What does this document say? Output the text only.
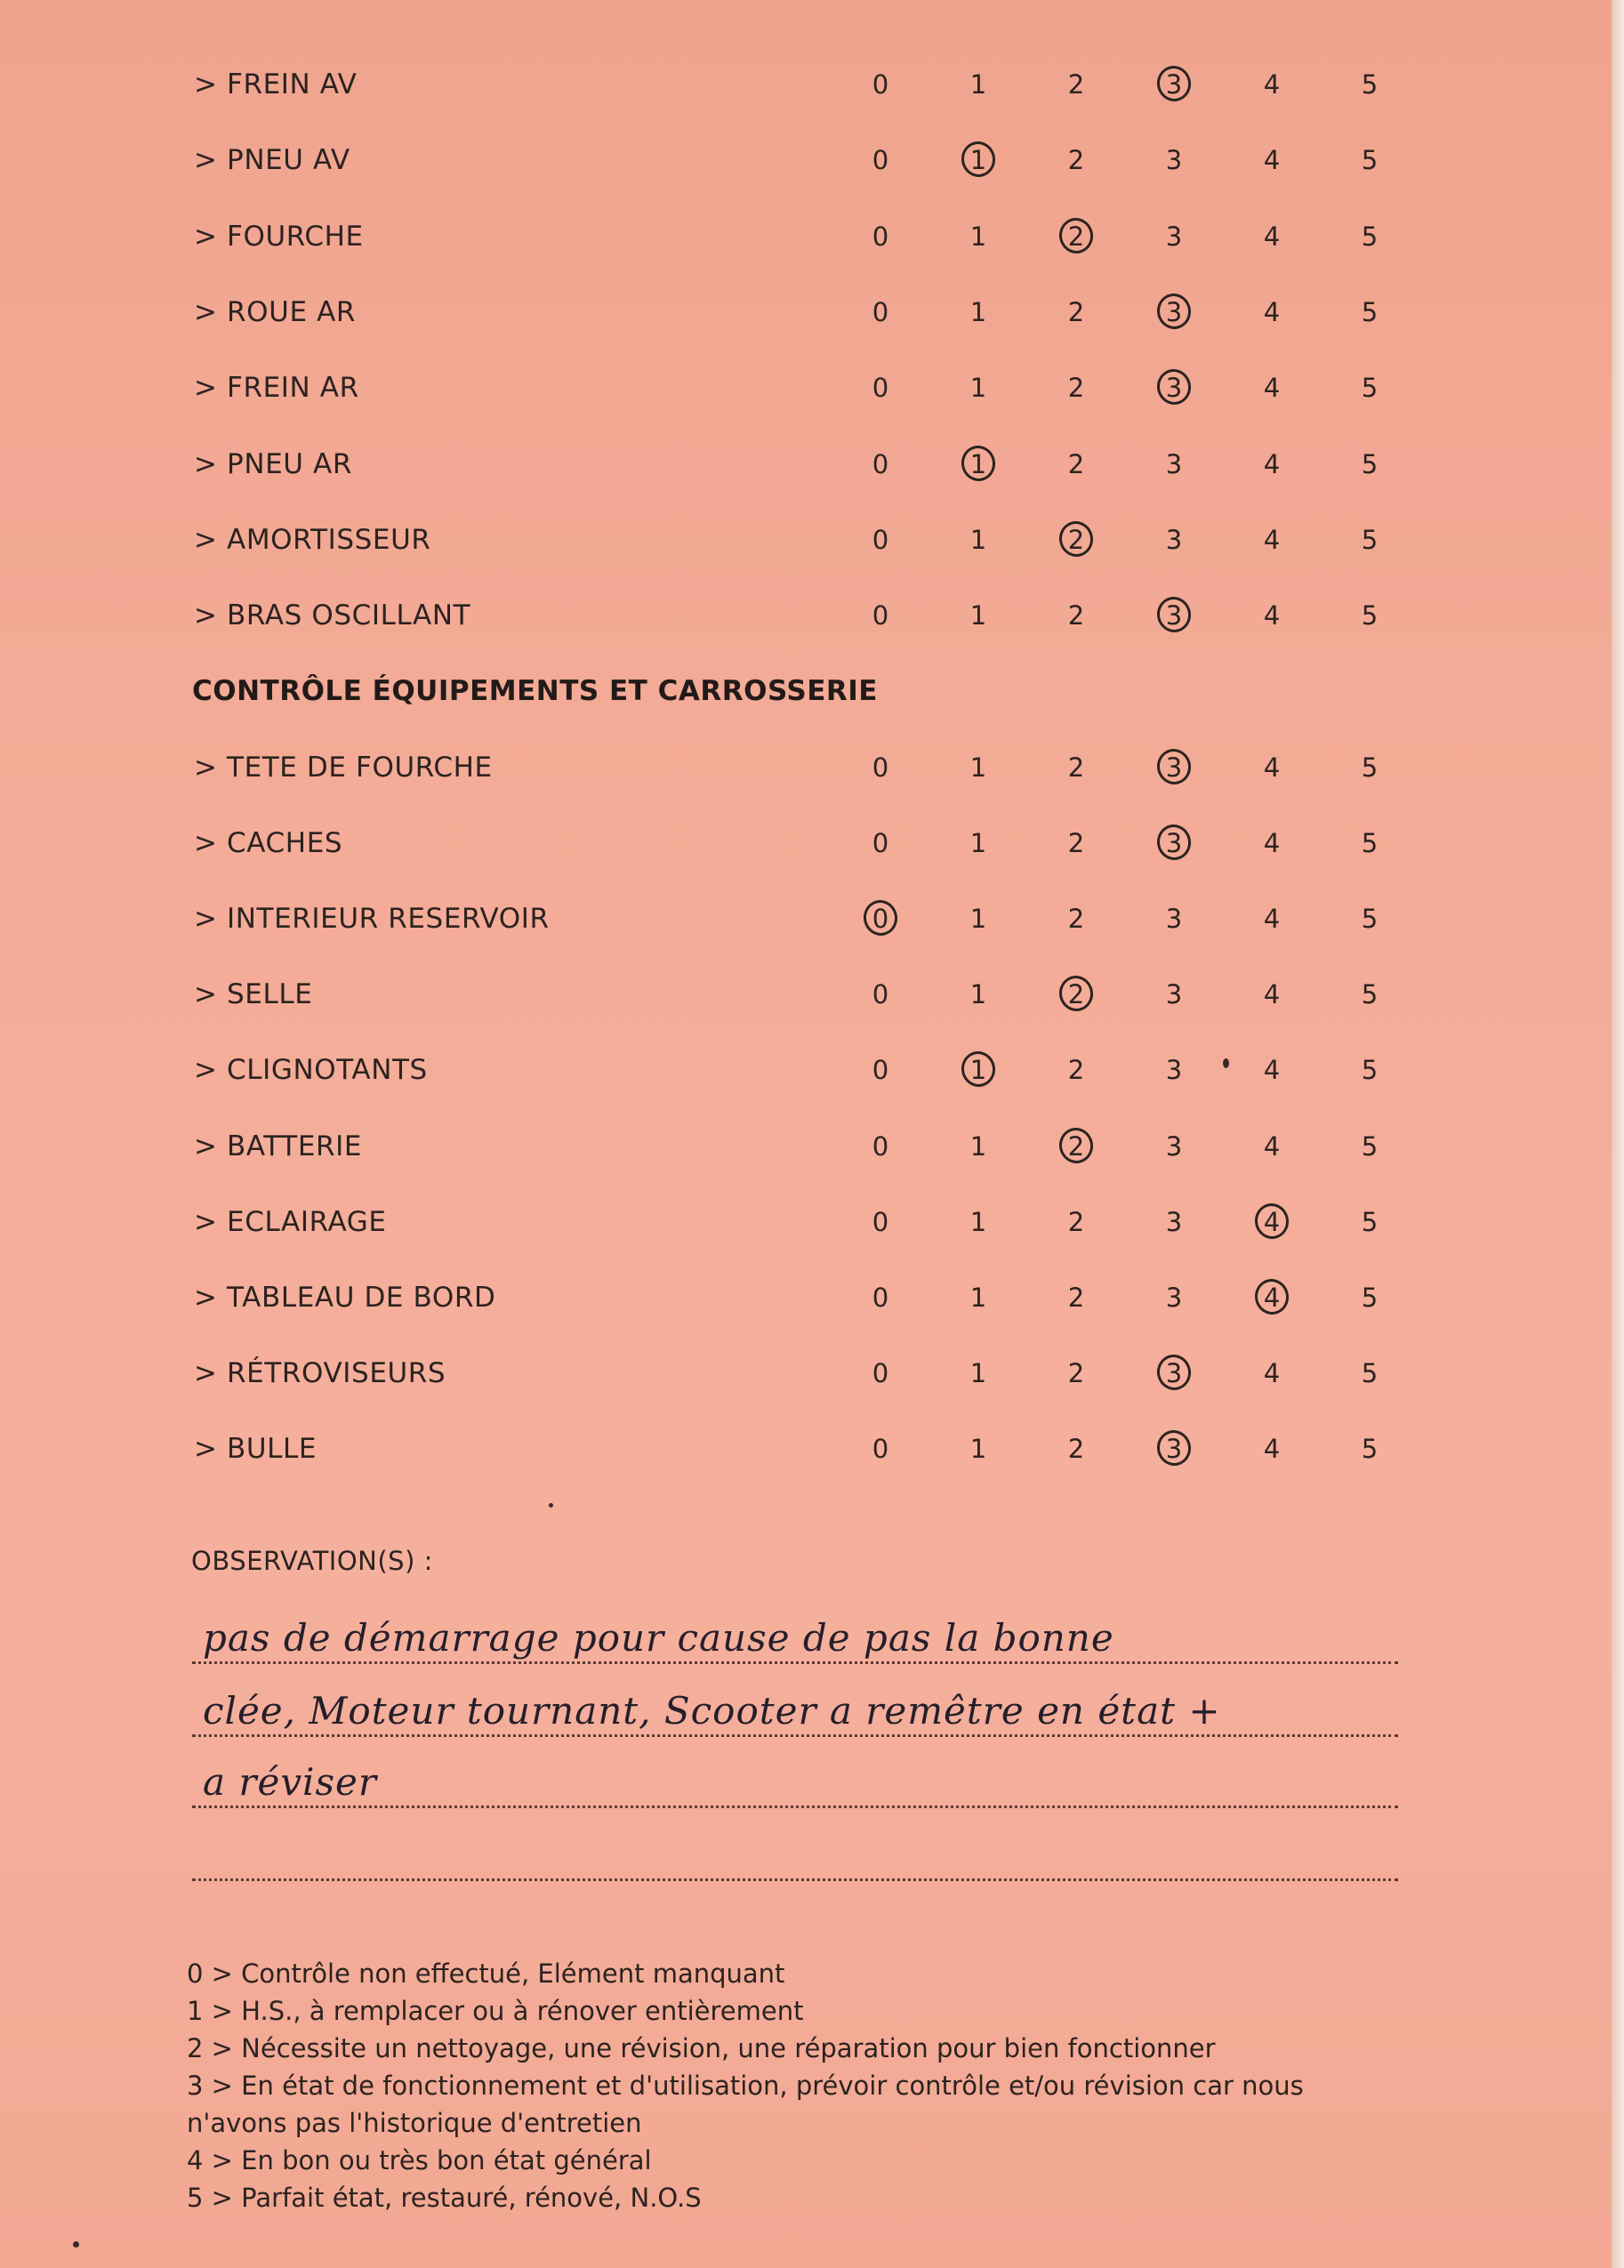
> FREIN AV	0	1	2	3	4	5
> PNEU AV	0	1	2	3	4	5
> FOURCHE	0	1	2	3	4	5
> ROUE AR	0	1	2	3	4	5
> FREIN AR	0	1	2	3	4	5
> PNEU AR	0	1	2	3	4	5
> AMORTISSEUR	0	1	2	3	4	5
> BRAS OSCILLANT	0	1	2	3	4	5
> TETE DE FOURCHE	0	1	2	3	4	5
> CACHES	0	1	2	3	4	5
> INTERIEUR RESERVOIR	0	1	2	3	4	5
> SELLE	0	1	2	3	4	5
> CLIGNOTANTS	0	1	2	3	4	5
> BATTERIE	0	1	2	3	4	5
> ECLAIRAGE	0	1	2	3	4	5
> TABLEAU DE BORD	0	1	2	3	4	5
> RÉTROVISEURS	0	1	2	3	4	5
> BULLE	0	1	2	3	4	5
CONTRÔLE ÉQUIPEMENTS ET CARROSSERIE
OBSERVATION(S) :
pas de démarrage pour cause de pas la bonne
clée, Moteur tournant, Scooter a remêtre en état +
a réviser
0 > Contrôle non effectué, Elément manquant
1 > H.S., à remplacer ou à rénover entièrement
2 > Nécessite un nettoyage, une révision, une réparation pour bien fonctionner
3 > En état de fonctionnement et d'utilisation, prévoir contrôle et/ou révision car nous
n'avons pas l'historique d'entretien
4 > En bon ou très bon état général
5 > Parfait état, restauré, rénové, N.O.S
